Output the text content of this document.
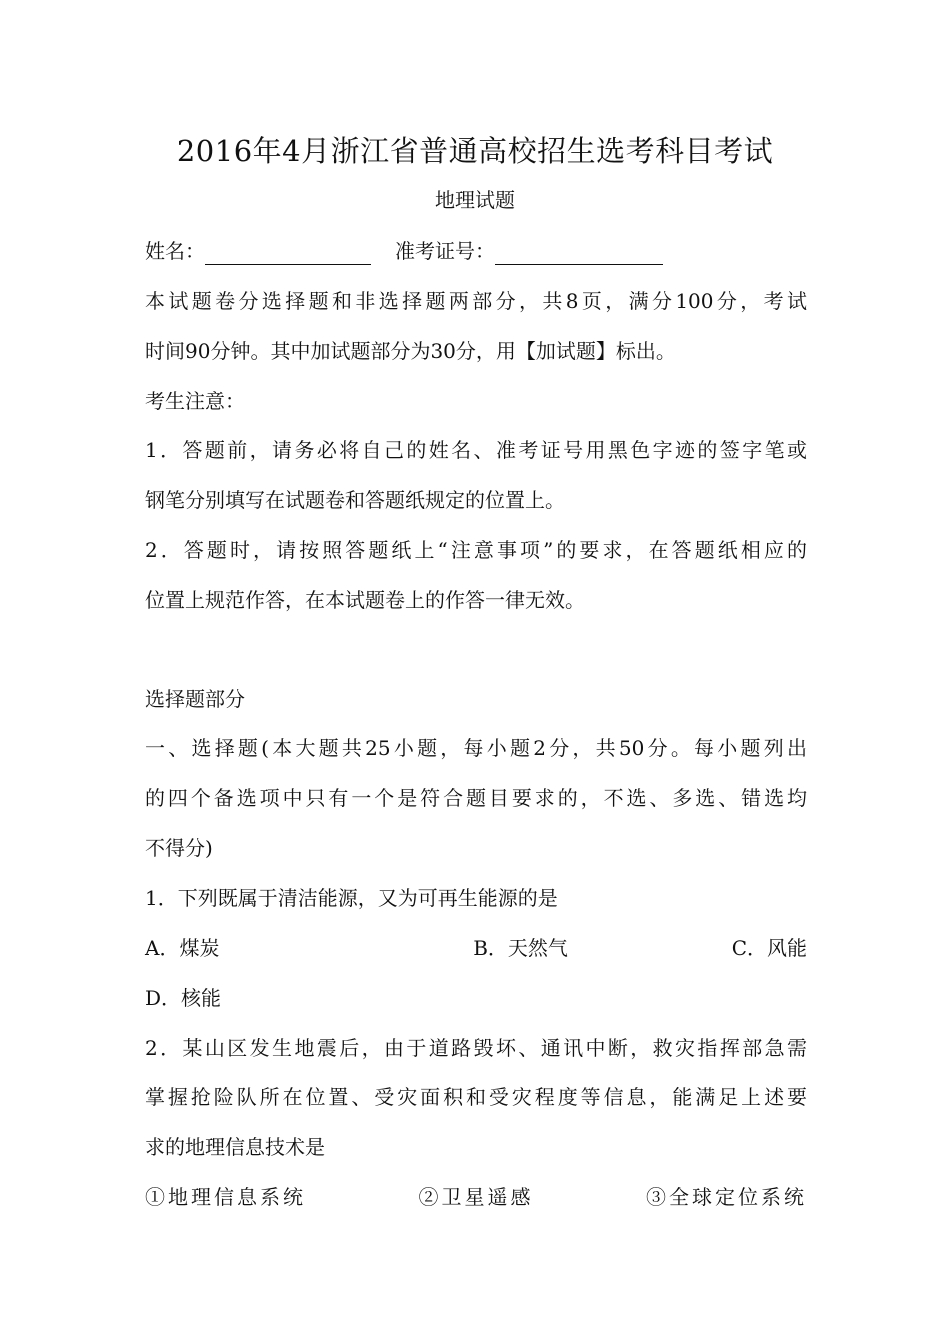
2016年4月浙江省普通高校招生选考科目考试
地理试题
姓名：	准考证号：
本试题卷分选择题和非选择题两部分，共8页，满分100分，考试
时间90分钟。其中加试题部分为30分，用【加试题】标出。
考生注意：
1．答题前，请务必将自己的姓名、准考证号用黑色字迹的签字笔或
钢笔分别填写在试题卷和答题纸规定的位置上。
2．答题时，请按照答题纸上“注意事项”的要求，在答题纸相应的
位置上规范作答，在本试题卷上的作答一律无效。
选择题部分
一、选择题(本大题共25小题，每小题2分，共50分。每小题列出
的四个备选项中只有一个是符合题目要求的，不选、多选、错选均
不得分)
1．下列既属于清洁能源，又为可再生能源的是
A．煤炭	B．天然气	C．风能
D．核能
2．某山区发生地震后，由于道路毁坏、通讯中断，救灾指挥部急需
掌握抢险队所在位置、受灾面积和受灾程度等信息，能满足上述要
求的地理信息技术是
①地理信息系统	②卫星遥感	③全球定位系统
